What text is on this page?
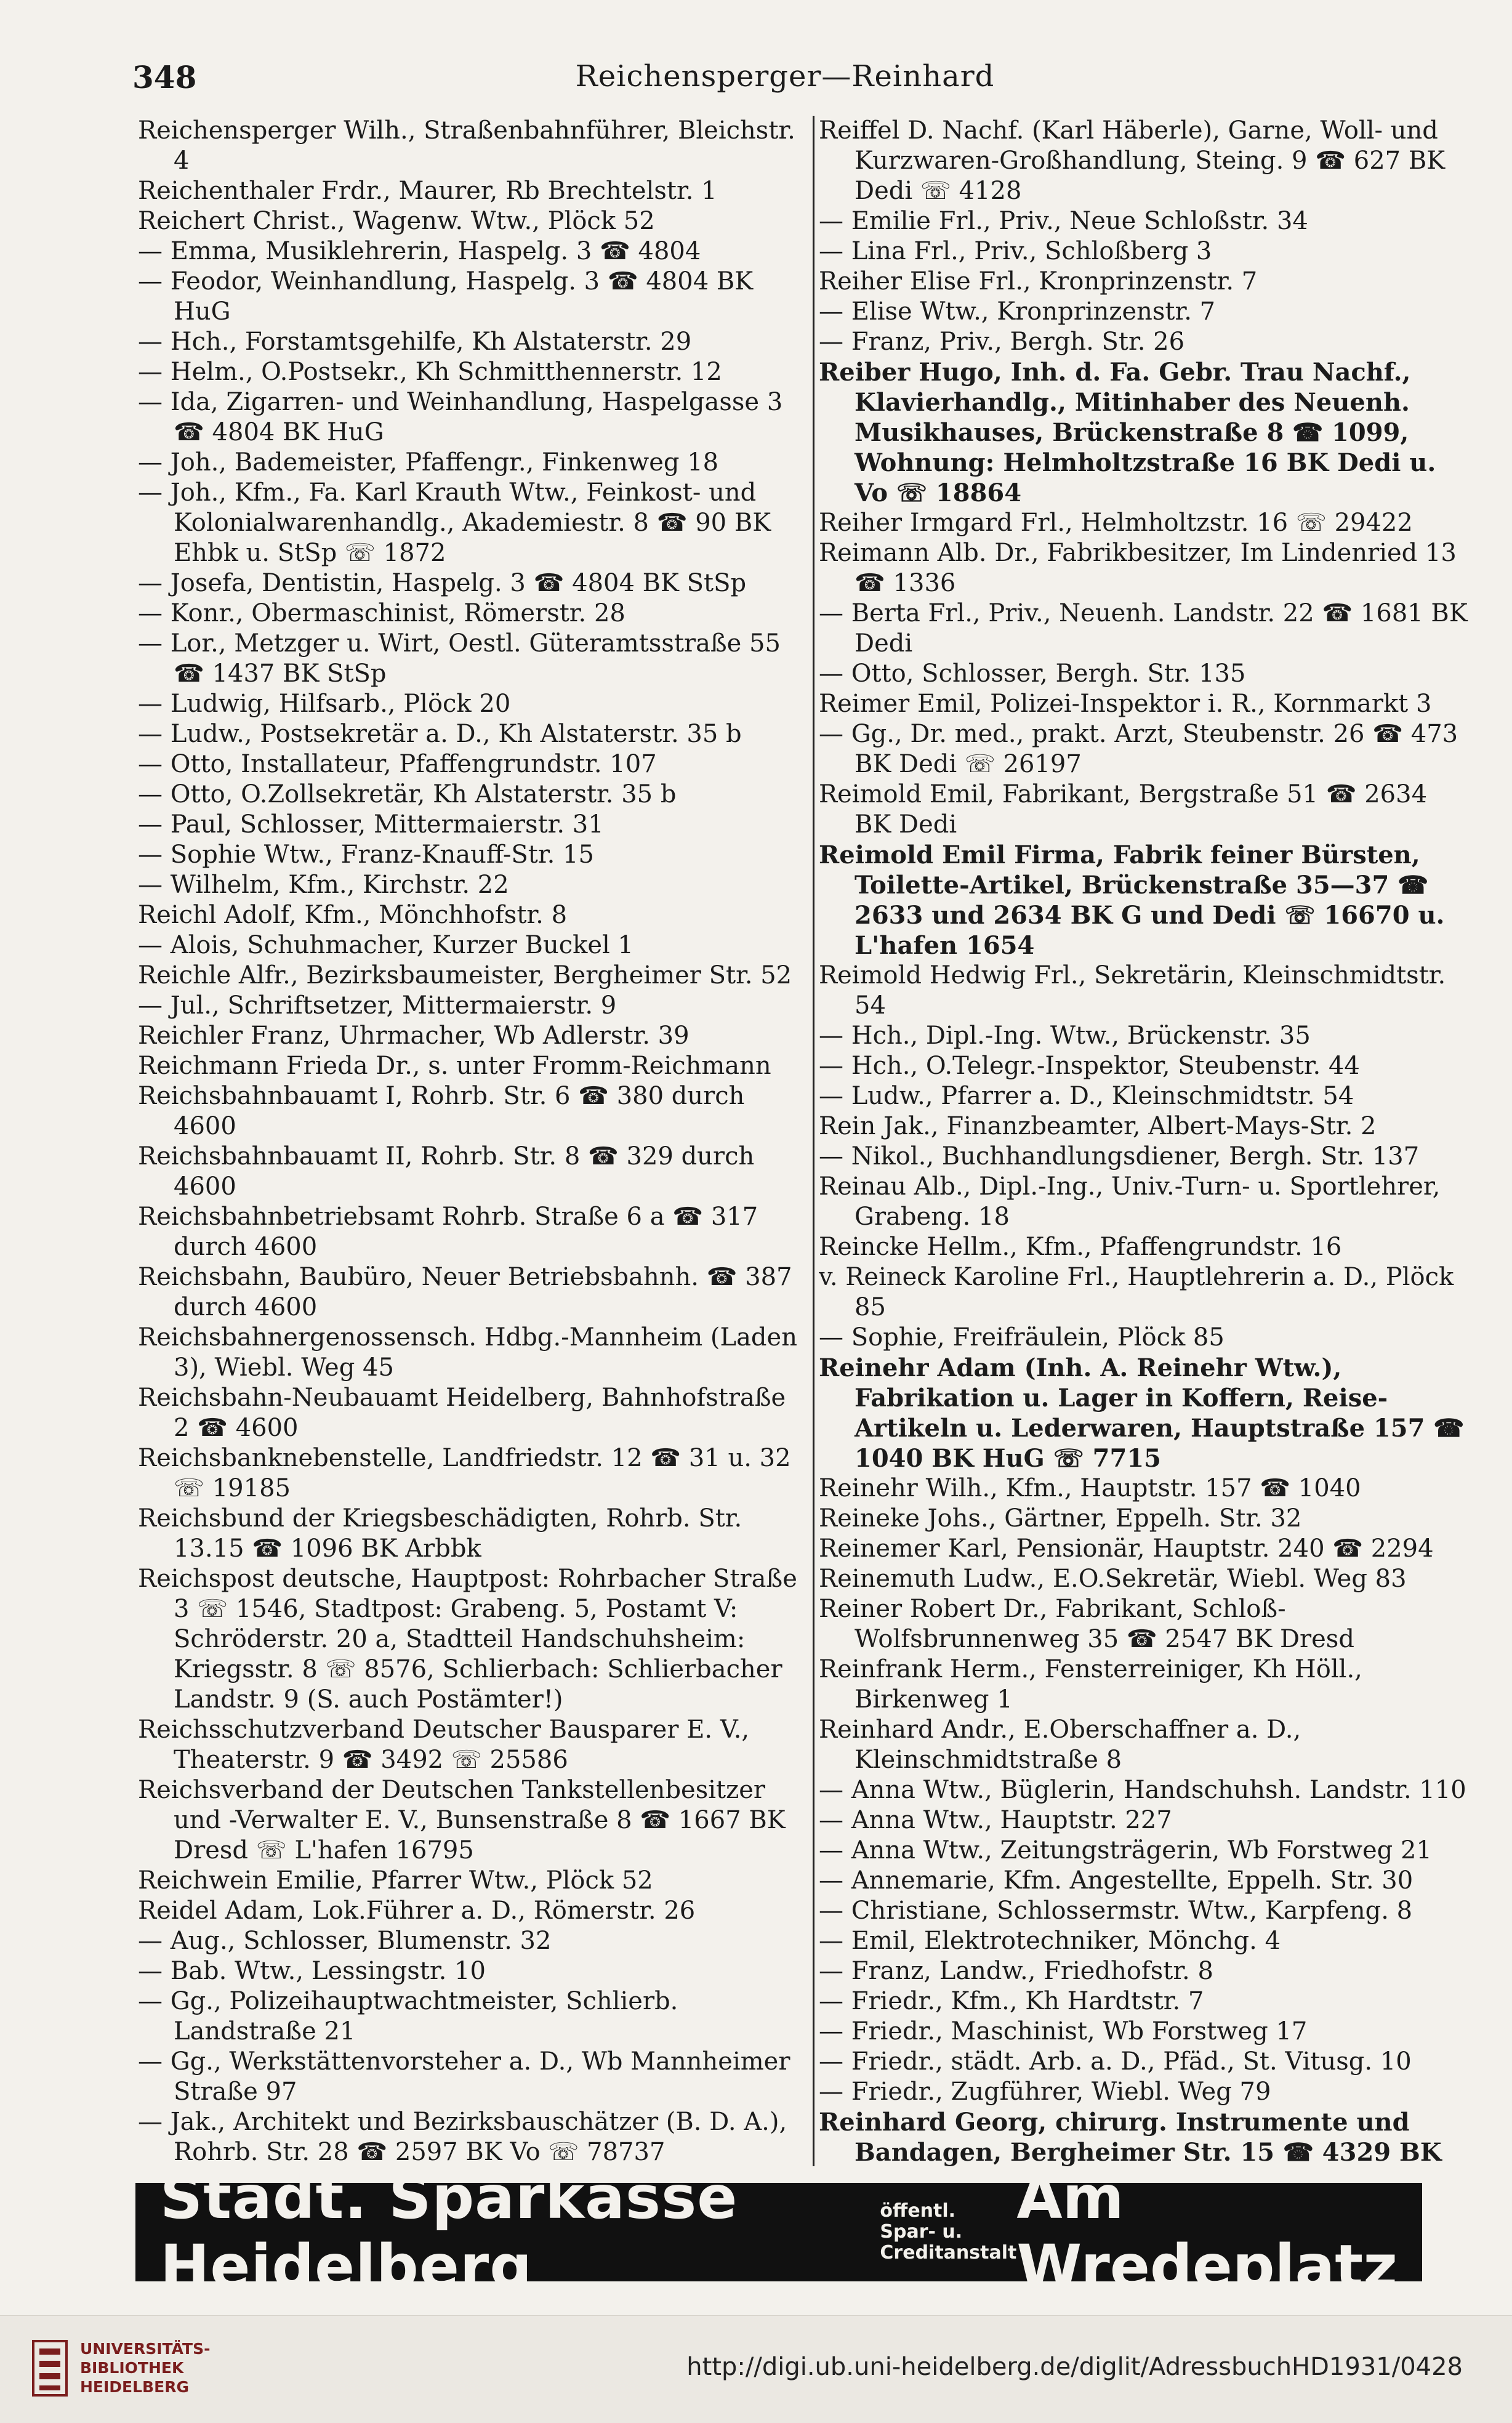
348	Reichensperger—Reinhard
Reichensperger Wilh., Straßenbahnführer, Bleichstr. 4
Reichenthaler Frdr., Maurer, Rb Brechtelstr. 1
Reichert Christ., Wagenw. Wtw., Plöck 52
— Emma, Musiklehrerin, Haspelg. 3 ☎ 4804
— Feodor, Weinhandlung, Haspelg. 3 ☎ 4804 BK HuG
— Hch., Forstamtsgehilfe, Kh Alstaterstr. 29
— Helm., O.Postsekr., Kh Schmitthennerstr. 12
— Ida, Zigarren- und Weinhandlung, Haspelgasse 3 ☎ 4804 BK HuG
— Joh., Bademeister, Pfaffengr., Finkenweg 18
— Joh., Kfm., Fa. Karl Krauth Wtw., Feinkost- und Kolonialwarenhandlg., Akademiestr. 8 ☎ 90 BK Ehbk u. StSp ☏ 1872
— Josefa, Dentistin, Haspelg. 3 ☎ 4804 BK StSp
— Konr., Obermaschinist, Römerstr. 28
— Lor., Metzger u. Wirt, Oestl. Güteramtsstraße 55 ☎ 1437 BK StSp
— Ludwig, Hilfsarb., Plöck 20
— Ludw., Postsekretär a. D., Kh Alstaterstr. 35 b
— Otto, Installateur, Pfaffengrundstr. 107
— Otto, O.Zollsekretär, Kh Alstaterstr. 35 b
— Paul, Schlosser, Mittermaierstr. 31
— Sophie Wtw., Franz-Knauff-Str. 15
— Wilhelm, Kfm., Kirchstr. 22
Reichl Adolf, Kfm., Mönchhofstr. 8
— Alois, Schuhmacher, Kurzer Buckel 1
Reichle Alfr., Bezirksbaumeister, Bergheimer Str. 52
— Jul., Schriftsetzer, Mittermaierstr. 9
Reichler Franz, Uhrmacher, Wb Adlerstr. 39
Reichmann Frieda Dr., s. unter Fromm-Reichmann
Reichsbahnbauamt I, Rohrb. Str. 6 ☎ 380 durch 4600
Reichsbahnbauamt II, Rohrb. Str. 8 ☎ 329 durch 4600
Reichsbahnbetriebsamt Rohrb. Straße 6 a ☎ 317 durch 4600
Reichsbahn, Baubüro, Neuer Betriebsbahnh. ☎ 387 durch 4600
Reichsbahnergenossensch. Hdbg.-Mannheim (Laden 3), Wiebl. Weg 45
Reichsbahn-Neubauamt Heidelberg, Bahnhofstraße 2 ☎ 4600
Reichsbanknebenstelle, Landfriedstr. 12 ☎ 31 u. 32 ☏ 19185
Reichsbund der Kriegsbeschädigten, Rohrb. Str. 13.15 ☎ 1096 BK Arbbk
Reichspost deutsche, Hauptpost: Rohrbacher Straße 3 ☏ 1546, Stadtpost: Grabeng. 5, Postamt V: Schröderstr. 20 a, Stadtteil Handschuhsheim: Kriegsstr. 8 ☏ 8576, Schlierbach: Schlierbacher Landstr. 9 (S. auch Postämter!)
Reichsschutzverband Deutscher Bausparer E. V., Theaterstr. 9 ☎ 3492 ☏ 25586
Reichsverband der Deutschen Tankstellenbesitzer und -Verwalter E. V., Bunsenstraße 8 ☎ 1667 BK Dresd ☏ L'hafen 16795
Reichwein Emilie, Pfarrer Wtw., Plöck 52
Reidel Adam, Lok.Führer a. D., Römerstr. 26
— Aug., Schlosser, Blumenstr. 32
— Bab. Wtw., Lessingstr. 10
— Gg., Polizeihauptwachtmeister, Schlierb. Landstraße 21
— Gg., Werkstättenvorsteher a. D., Wb Mannheimer Straße 97
— Jak., Architekt und Bezirksbauschätzer (B. D. A.), Rohrb. Str. 28 ☎ 2597 BK Vo ☏ 78737
Reiffel D. Nachf. (Karl Häberle), Garne, Woll- und Kurzwaren-Großhandlung, Steing. 9 ☎ 627 BK Dedi ☏ 4128
— Emilie Frl., Priv., Neue Schloßstr. 34
— Lina Frl., Priv., Schloßberg 3
Reiher Elise Frl., Kronprinzenstr. 7
— Elise Wtw., Kronprinzenstr. 7
— Franz, Priv., Bergh. Str. 26
Reiber Hugo, Inh. d. Fa. Gebr. Trau Nachf., Klavierhandlg., Mitinhaber des Neuenh. Musikhauses, Brückenstraße 8 ☎ 1099, Wohnung: Helmholtzstraße 16 BK Dedi u. Vo ☏ 18864
Reiher Irmgard Frl., Helmholtzstr. 16 ☏ 29422
Reimann Alb. Dr., Fabrikbesitzer, Im Lindenried 13 ☎ 1336
— Berta Frl., Priv., Neuenh. Landstr. 22 ☎ 1681 BK Dedi
— Otto, Schlosser, Bergh. Str. 135
Reimer Emil, Polizei-Inspektor i. R., Kornmarkt 3
— Gg., Dr. med., prakt. Arzt, Steubenstr. 26 ☎ 473 BK Dedi ☏ 26197
Reimold Emil, Fabrikant, Bergstraße 51 ☎ 2634 BK Dedi
Reimold Emil Firma, Fabrik feiner Bürsten, Toilette-Artikel, Brückenstraße 35—37 ☎ 2633 und 2634 BK G und Dedi ☏ 16670 u. L'hafen 1654
Reimold Hedwig Frl., Sekretärin, Kleinschmidtstr. 54
— Hch., Dipl.-Ing. Wtw., Brückenstr. 35
— Hch., O.Telegr.-Inspektor, Steubenstr. 44
— Ludw., Pfarrer a. D., Kleinschmidtstr. 54
Rein Jak., Finanzbeamter, Albert-Mays-Str. 2
— Nikol., Buchhandlungsdiener, Bergh. Str. 137
Reinau Alb., Dipl.-Ing., Univ.-Turn- u. Sportlehrer, Grabeng. 18
Reincke Hellm., Kfm., Pfaffengrundstr. 16
v. Reineck Karoline Frl., Hauptlehrerin a. D., Plöck 85
— Sophie, Freifräulein, Plöck 85
Reinehr Adam (Inh. A. Reinehr Wtw.), Fabrikation u. Lager in Koffern, Reise-Artikeln u. Lederwaren, Hauptstraße 157 ☎ 1040 BK HuG ☏ 7715
Reinehr Wilh., Kfm., Hauptstr. 157 ☎ 1040
Reineke Johs., Gärtner, Eppelh. Str. 32
Reinemer Karl, Pensionär, Hauptstr. 240 ☎ 2294
Reinemuth Ludw., E.O.Sekretär, Wiebl. Weg 83
Reiner Robert Dr., Fabrikant, Schloß-Wolfsbrunnenweg 35 ☎ 2547 BK Dresd
Reinfrank Herm., Fensterreiniger, Kh Höll., Birkenweg 1
Reinhard Andr., E.Oberschaffner a. D., Kleinschmidtstraße 8
— Anna Wtw., Büglerin, Handschuhsh. Landstr. 110
— Anna Wtw., Hauptstr. 227
— Anna Wtw., Zeitungsträgerin, Wb Forstweg 21
— Annemarie, Kfm. Angestellte, Eppelh. Str. 30
— Christiane, Schlossermstr. Wtw., Karpfeng. 8
— Emil, Elektrotechniker, Mönchg. 4
— Franz, Landw., Friedhofstr. 8
— Friedr., Kfm., Kh Hardtstr. 7
— Friedr., Maschinist, Wb Forstweg 17
— Friedr., städt. Arb. a. D., Pfäd., St. Vitusg. 10
— Friedr., Zugführer, Wiebl. Weg 79
Reinhard Georg, chirurg. Instrumente und Bandagen, Bergheimer Str. 15 ☎ 4329 BK
Städt. Sparkasse Heidelberg
öffentl. Spar- u.
Creditanstalt
Am Wredeplatz
UNIVERSITÄTS-
BIBLIOTHEK
HEIDELBERG
http://digi.ub.uni-heidelberg.de/diglit/AdressbuchHD1931/0428
